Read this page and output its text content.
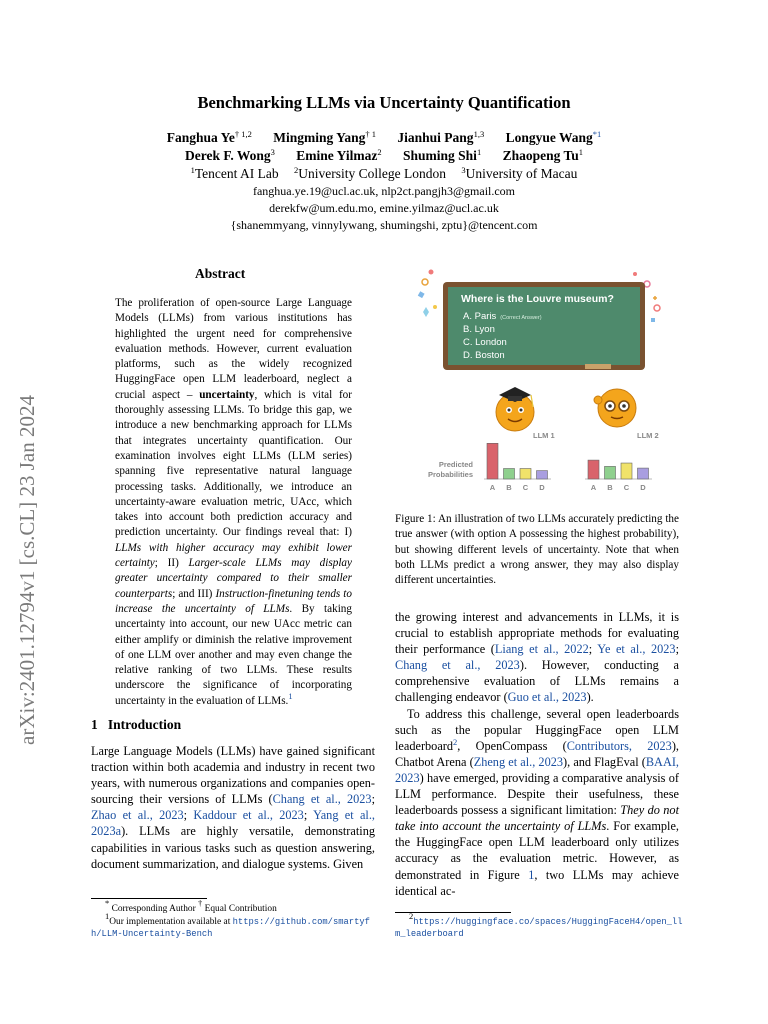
arXiv:2401.12794v1 [cs.CL] 23 Jan 2024
Benchmarking LLMs via Uncertainty Quantification
Fanghua Ye$^{\dagger 1,2}$ Mingming Yang$^{\dagger 1}$ Jianhui Pang$^{1,3}$ Longyue Wang$^{*1}$
Derek F. Wong$^3$ Emine Yilmaz$^2$ Shuming Shi$^1$ Zhaopeng Tu$^1$
$^1$Tencent AI Lab $^2$University College London $^3$University of Macau
fanghua.ye.19@ucl.ac.uk, nlp2ct.pangjh3@gmail.com
derekfw@um.edu.mo, emine.yilmaz@ucl.ac.uk
{shanemmyang, vinnylywang, shumingshi, zptu}@tencent.com
Abstract
The proliferation of open-source Large Language Models (LLMs) from various institutions has highlighted the urgent need for comprehensive evaluation methods. However, current evaluation platforms, such as the widely recognized HuggingFace open LLM leaderboard, neglect a crucial aspect – uncertainty, which is vital for thoroughly assessing LLMs. To bridge this gap, we introduce a new benchmarking approach for LLMs that integrates uncertainty quantification. Our examination involves eight LLMs (LLM series) spanning five representative natural language processing tasks. Additionally, we introduce an uncertainty-aware evaluation metric, UAcc, which takes into account both prediction accuracy and prediction uncertainty. Our findings reveal that: I) LLMs with higher accuracy may exhibit lower certainty; II) Larger-scale LLMs may display greater uncertainty compared to their smaller counterparts; and III) Instruction-finetuning tends to increase the uncertainty of LLMs. By taking uncertainty into account, our new UAcc metric can either amplify or diminish the relative improvement of one LLM over another and may even change the relative ranking of two LLMs. These results underscore the significance of incorporating uncertainty in the evaluation of LLMs.$^1$
1 Introduction
Large Language Models (LLMs) have gained significant traction within both academia and industry in recent two years, with numerous organizations and companies open-sourcing their versions of LLMs (Chang et al., 2023; Zhao et al., 2023; Kaddour et al., 2023; Yang et al., 2023a). LLMs are highly versatile, demonstrating capabilities in various tasks such as question answering, document summarization, and dialogue systems. Given
* Corresponding Author † Equal Contribution
$^1$Our implementation available at https://github.com/smartyfh/LLM-Uncertainty-Bench
Where is the Louvre museum?
A. Paris (Correct Answer)
B. Lyon
C. London
D. Boston
LLM 1	LLM 2
Predicted
Probabilities
A B C D	A B C D
Figure 1: An illustration of two LLMs accurately predicting the true answer (with option A possessing the highest probability), but showing different levels of uncertainty. Note that when both LLMs predict a wrong answer, they may also display different uncertainties.
the growing interest and advancements in LLMs, it is crucial to establish appropriate methods for evaluating their performance (Liang et al., 2022; Ye et al., 2023; Chang et al., 2023). However, conducting a comprehensive evaluation of LLMs remains a challenging endeavor (Guo et al., 2023).
To address this challenge, several open leaderboards such as the popular HuggingFace open LLM leaderboard$^2$, OpenCompass (Contributors, 2023), Chatbot Arena (Zheng et al., 2023), and FlagEval (BAAI, 2023) have emerged, providing a comparative analysis of LLM performance. Despite their usefulness, these leaderboards possess a significant limitation: They do not take into account the uncertainty of LLMs. For example, the HuggingFace open LLM leaderboard only utilizes accuracy as the evaluation metric. However, as demonstrated in Figure 1, two LLMs may achieve identical ac-
$^2$https://huggingface.co/spaces/HuggingFaceH4/open_llm_leaderboard
